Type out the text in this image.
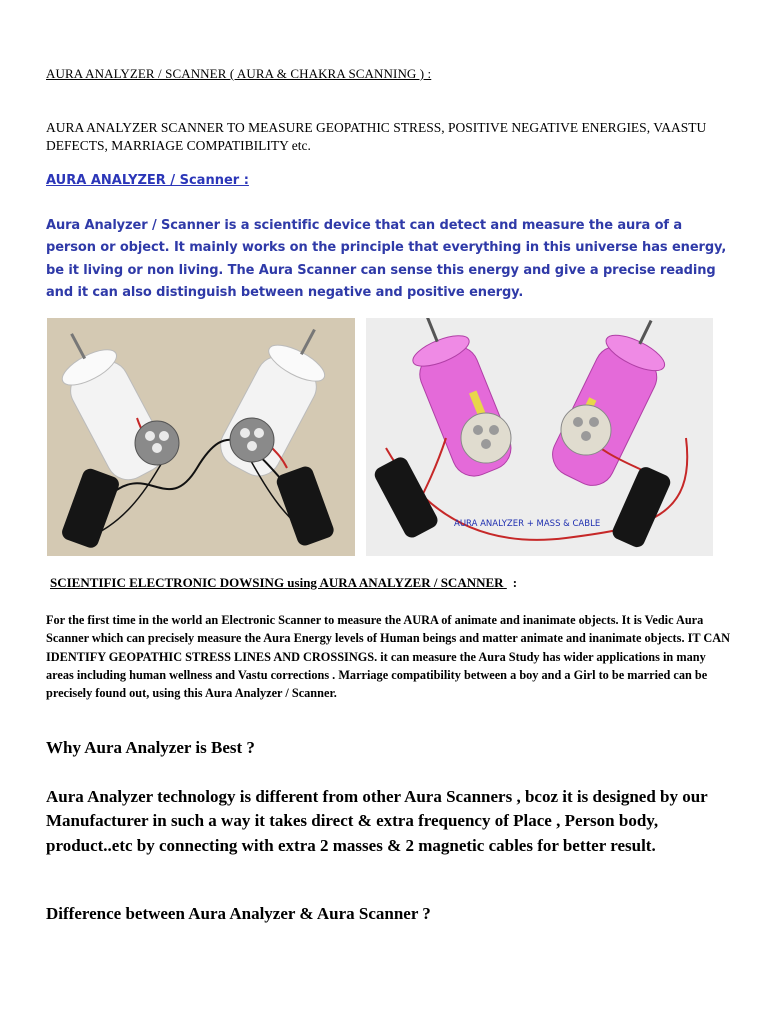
AURA ANALYZER / SCANNER ( AURA & CHAKRA SCANNING ) :
AURA ANALYZER SCANNER TO MEASURE GEOPATHIC STRESS, POSITIVE NEGATIVE ENERGIES, VAASTU DEFECTS, MARRIAGE COMPATIBILITY etc.
AURA ANALYZER / Scanner :
Aura Analyzer / Scanner is a scientific device that can detect and measure the aura of a person or object. It mainly works on the principle that everything in this universe has energy, be it living or non living. The Aura Scanner can sense this energy and give a precise reading and it can also distinguish between negative and positive energy.
AURA ANALYZER + MASS & CABLE
SCIENTIFIC ELECTRONIC DOWSING using AURA ANALYZER / SCANNER :
For the first time in the world an Electronic Scanner to measure the AURA of animate and inanimate objects. It is Vedic Aura Scanner which can precisely measure the Aura Energy levels of Human beings and matter animate and inanimate objects. IT CAN IDENTIFY GEOPATHIC STRESS LINES AND CROSSINGS. it can measure the Aura Study has wider applications in many areas including human wellness and Vastu corrections . Marriage compatibility between a boy and a Girl to be married can be precisely found out, using this Aura Analyzer / Scanner.
Why Aura Analyzer is Best ?
Aura Analyzer technology is different from other Aura Scanners , bcoz it is designed by our Manufacturer in such a way it takes direct & extra frequency of Place , Person body, product..etc by connecting with extra 2 masses & 2 magnetic cables for better result.
Difference between Aura Analyzer & Aura Scanner ?
